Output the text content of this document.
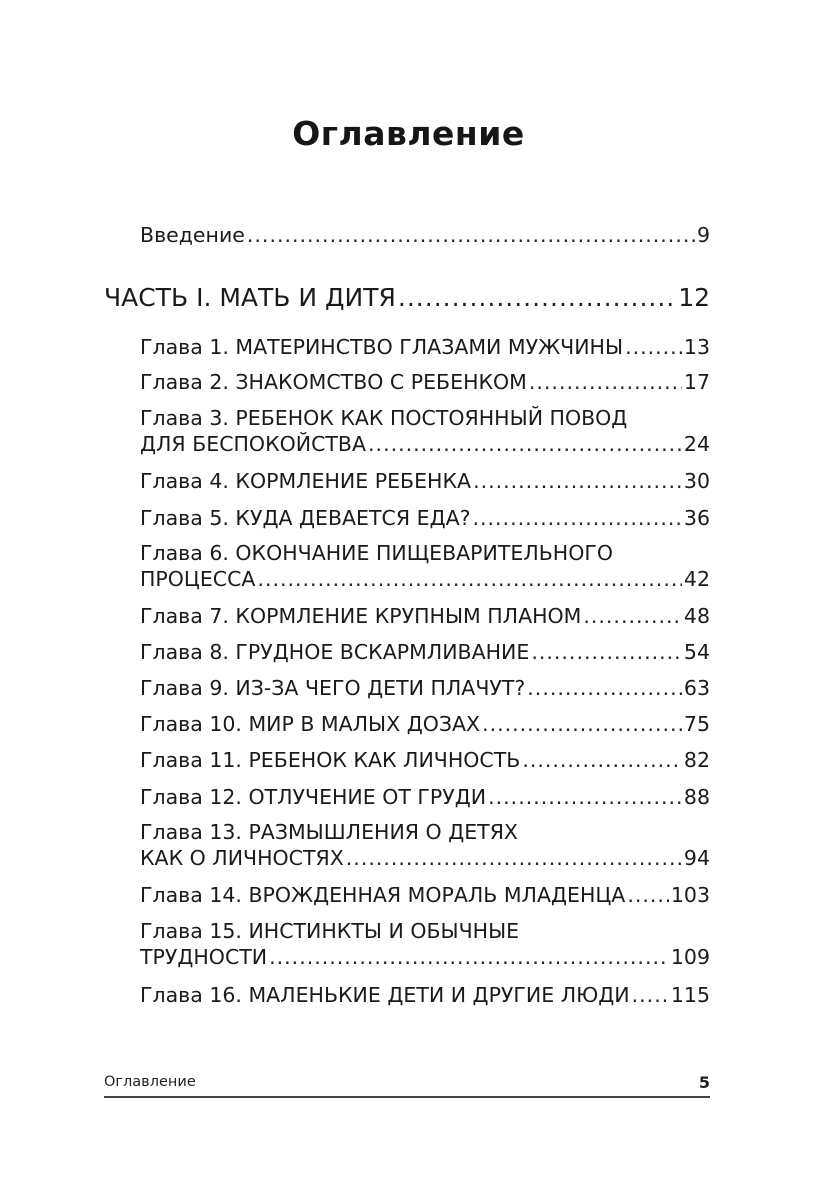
Оглавление
Введение .....	9
ЧАСТЬ I. МАТЬ И ДИТЯ .....	12
Глава 1. МАТЕРИНСТВО ГЛАЗАМИ МУЖЧИНЫ .....	13
Глава 2. ЗНАКОМСТВО С РЕБЕНКОМ .....	17
Глава 3. РЕБЕНОК КАК ПОСТОЯННЫЙ ПОВОД
ДЛЯ БЕСПОКОЙСТВА .....	24
Глава 4. КОРМЛЕНИЕ РЕБЕНКА .....	30
Глава 5. КУДА ДЕВАЕТСЯ ЕДА? .....	36
Глава 6. ОКОНЧАНИЕ ПИЩЕВАРИТЕЛЬНОГО
ПРОЦЕССА .....	42
Глава 7. КОРМЛЕНИЕ КРУПНЫМ ПЛАНОМ .....	48
Глава 8. ГРУДНОЕ ВСКАРМЛИВАНИЕ .....	54
Глава 9. ИЗ-ЗА ЧЕГО ДЕТИ ПЛАЧУТ? .....	63
Глава 10. МИР В МАЛЫХ ДОЗАХ .....	75
Глава 11. РЕБЕНОК КАК ЛИЧНОСТЬ .....	82
Глава 12. ОТЛУЧЕНИЕ ОТ ГРУДИ .....	88
Глава 13. РАЗМЫШЛЕНИЯ О ДЕТЯХ
КАК О ЛИЧНОСТЯХ .....	94
Глава 14. ВРОЖДЕННАЯ МОРАЛЬ МЛАДЕНЦА ..... 103
Глава 15. ИНСТИНКТЫ И ОБЫЧНЫЕ
ТРУДНОСТИ .....	109
Глава 16. МАЛЕНЬКИЕ ДЕТИ И ДРУГИЕ ЛЮДИ ..... 115
Оглавление	5
